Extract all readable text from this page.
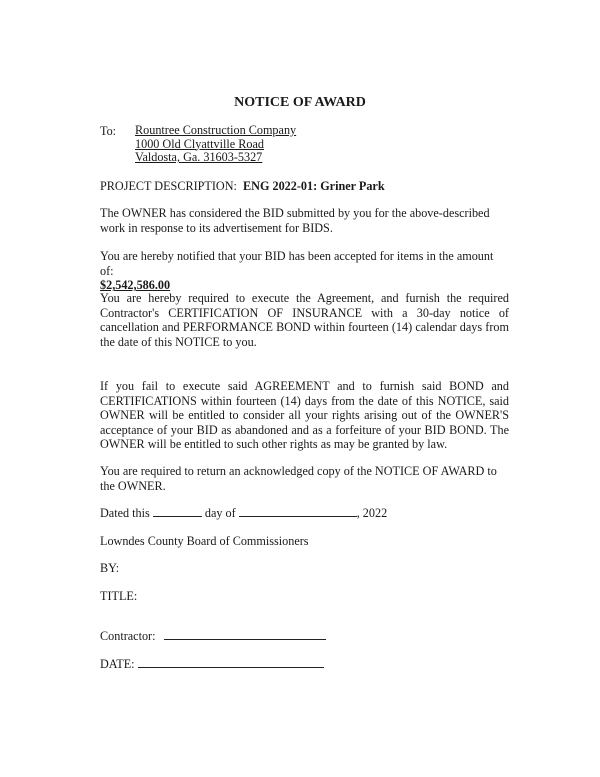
NOTICE OF AWARD
To: Rountree Construction Company
1000 Old Clyattville Road
Valdosta, Ga. 31603-5327
PROJECT DESCRIPTION: ENG 2022-01: Griner Park
The OWNER has considered the BID submitted by you for the above-described work in response to its advertisement for BIDS.
You are hereby notified that your BID has been accepted for items in the amount of:
$2,542,586.00
You are hereby required to execute the Agreement, and furnish the required Contractor's CERTIFICATION OF INSURANCE with a 30-day notice of cancellation and PERFORMANCE BOND within fourteen (14) calendar days from the date of this NOTICE to you.
If you fail to execute said AGREEMENT and to furnish said BOND and CERTIFICATIONS within fourteen (14) days from the date of this NOTICE, said OWNER will be entitled to consider all your rights arising out of the OWNER'S acceptance of your BID as abandoned and as a forfeiture of your BID BOND. The OWNER will be entitled to such other rights as may be granted by law.
You are required to return an acknowledged copy of the NOTICE OF AWARD to the OWNER.
Dated this	day of	, 2022
Lowndes County Board of Commissioners
BY:
TITLE:
Contractor:
DATE:
